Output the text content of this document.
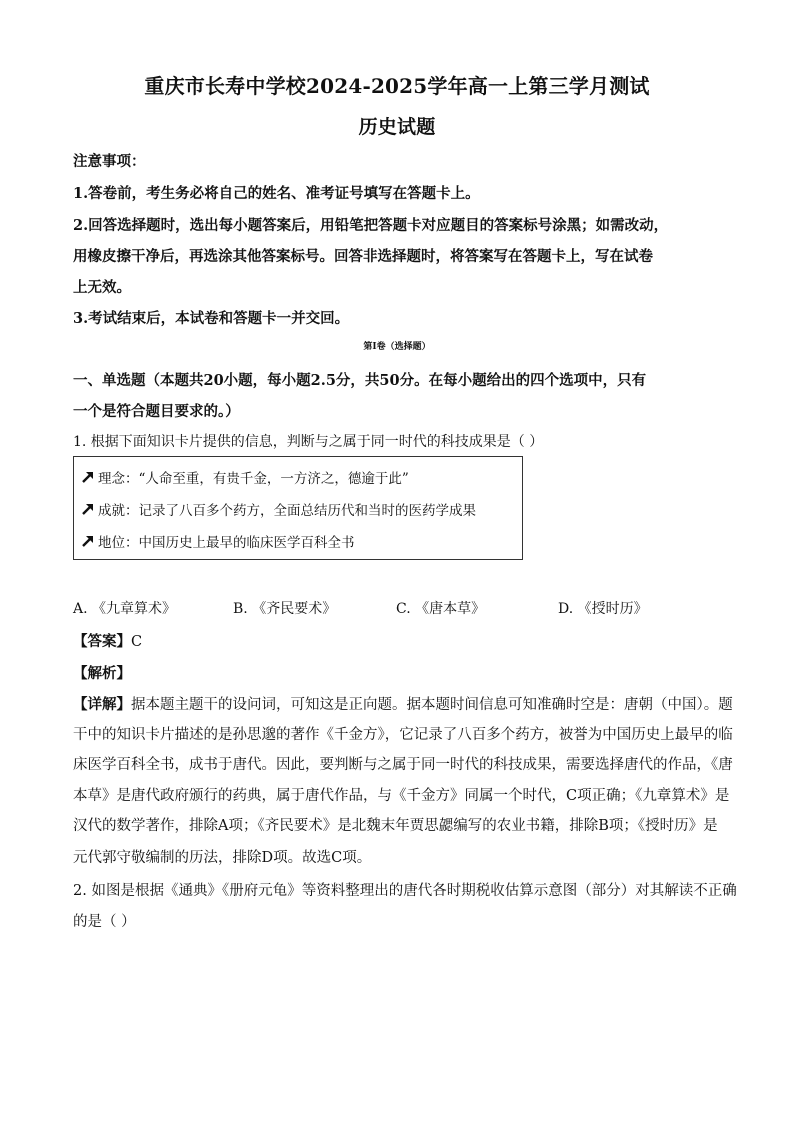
重庆市长寿中学校2024-2025学年高一上第三学月测试
历史试题
注意事项：
1.答卷前，考生务必将自己的姓名、准考证号填写在答题卡上。
2.回答选择题时，选出每小题答案后，用铅笔把答题卡对应题目的答案标号涂黑；如需改动，
用橡皮擦干净后，再选涂其他答案标号。回答非选择题时，将答案写在答题卡上，写在试卷
上无效。
3.考试结束后，本试卷和答题卡一并交回。
第Ⅰ卷（选择题）
一、单选题（本题共20小题，每小题2.5分，共50分。在每小题给出的四个选项中，只有
一个是符合题目要求的。）
1. 根据下面知识卡片提供的信息，判断与之属于同一时代的科技成果是（ ）
理念：“人命至重，有贵千金，一方济之，德逾于此”
成就：记录了八百多个药方，全面总结历代和当时的医药学成果
地位：中国历史上最早的临床医学百科全书
A. 《九章算术》	B. 《齐民要术》	C. 《唐本草》	D. 《授时历》
【答案】C
【解析】
【详解】据本题主题干的设问词，可知这是正向题。据本题时间信息可知准确时空是：唐朝（中国）。题
干中的知识卡片描述的是孙思邈的著作《千金方》，它记录了八百多个药方，被誉为中国历史上最早的临
床医学百科全书，成书于唐代。因此，要判断与之属于同一时代的科技成果，需要选择唐代的作品，《唐
本草》是唐代政府颁行的药典，属于唐代作品，与《千金方》同属一个时代，C项正确；《九章算术》是
汉代的数学著作，排除A项；《齐民要术》是北魏末年贾思勰编写的农业书籍，排除B项；《授时历》是
元代郭守敬编制的历法，排除D项。故选C项。
2. 如图是根据《通典》《册府元龟》等资料整理出的唐代各时期税收估算示意图（部分）对其解读不正确
的是（ ）
